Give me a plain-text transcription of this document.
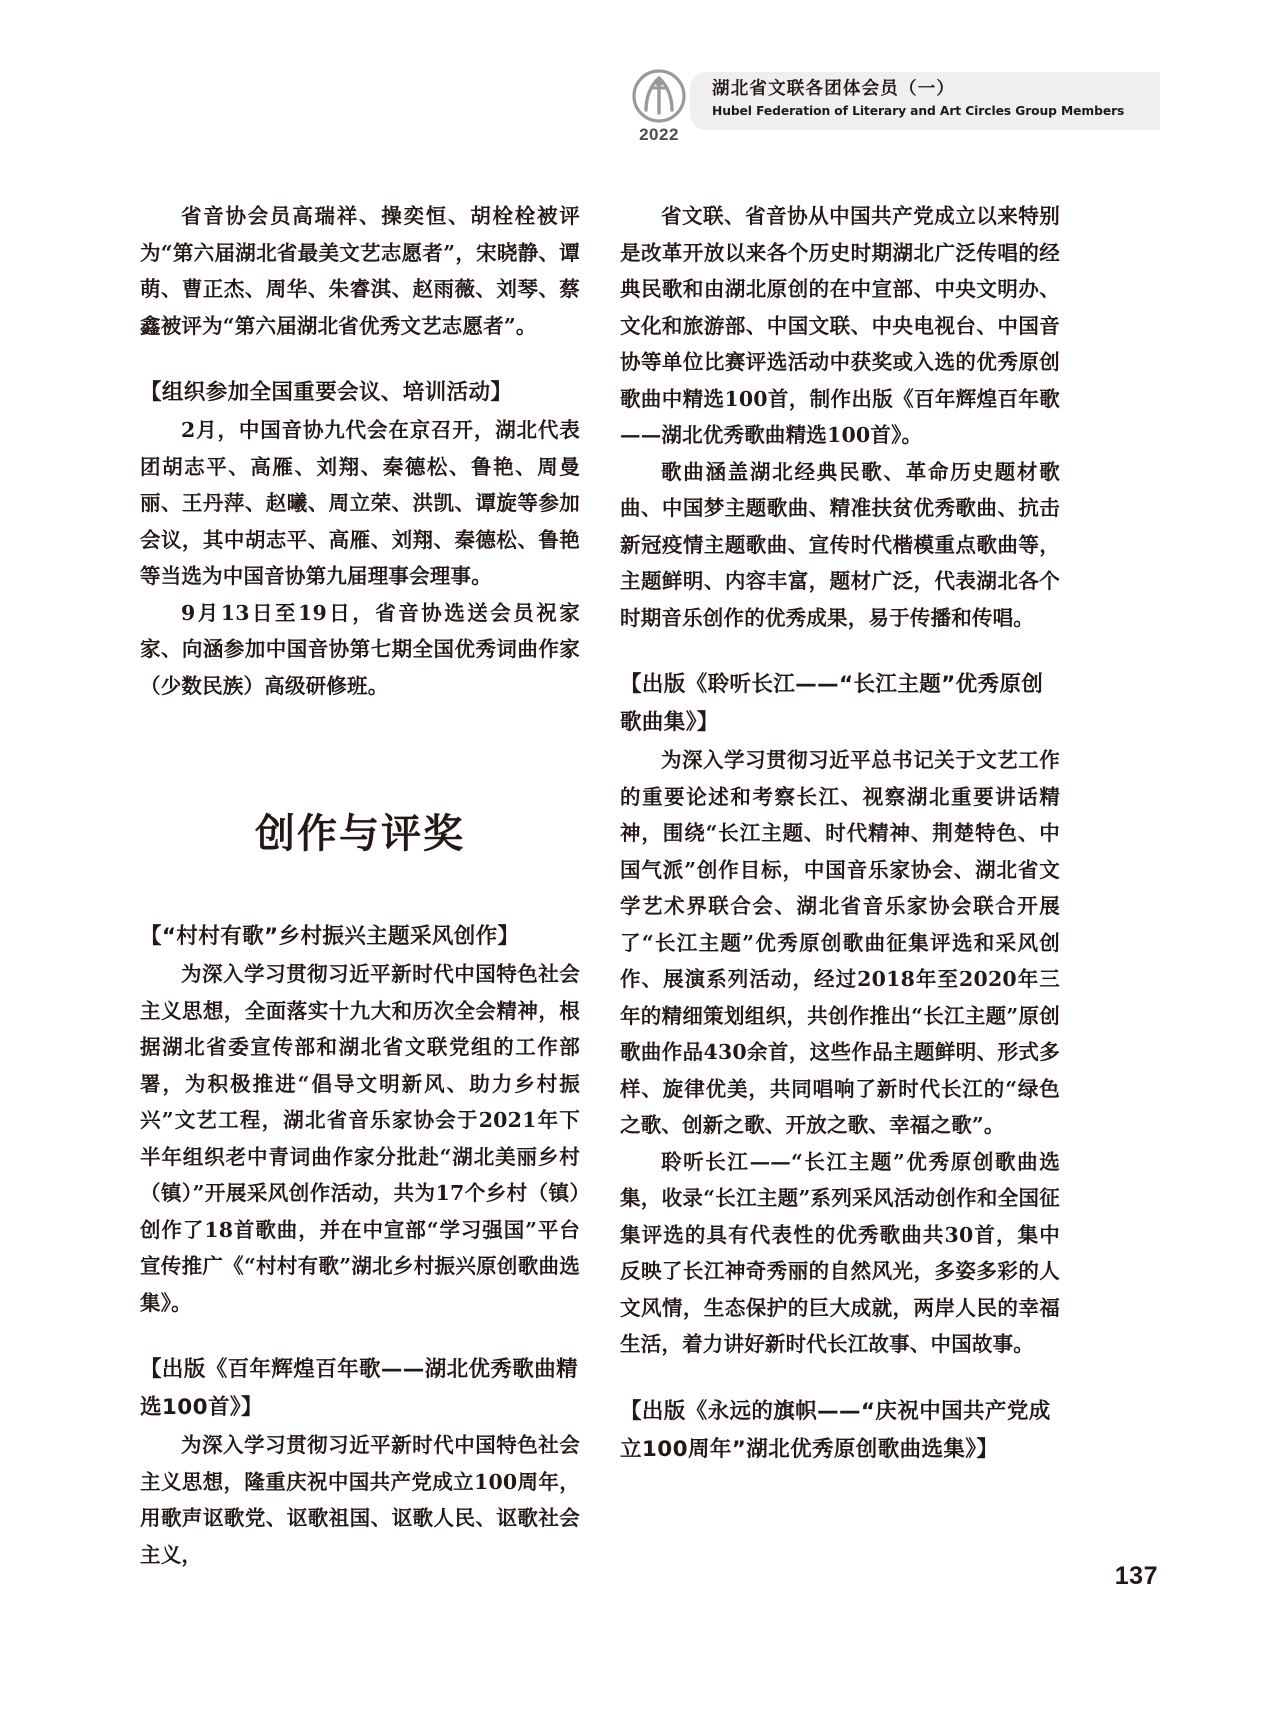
2022
湖北省文联各团体会员（一）
Hubel Federation of Literary and Art Circles Group Members

省音协会员高瑞祥、操奕恒、胡栓栓被评为“第六届湖北省最美文艺志愿者”，宋晓静、谭萌、曹正杰、周华、朱睿淇、赵雨薇、刘琴、蔡鑫被评为“第六届湖北省优秀文艺志愿者”。

【组织参加全国重要会议、培训活动】

2月，中国音协九代会在京召开，湖北代表团胡志平、高雁、刘翔、秦德松、鲁艳、周曼丽、王丹萍、赵曦、周立荣、洪凯、谭旋等参加会议，其中胡志平、高雁、刘翔、秦德松、鲁艳等当选为中国音协第九届理事会理事。

9月13日至19日，省音协选送会员祝家家、向涵参加中国音协第七期全国优秀词曲作家（少数民族）高级研修班。

创作与评奖
【“村村有歌”乡村振兴主题采风创作】

为深入学习贯彻习近平新时代中国特色社会主义思想，全面落实十九大和历次全会精神，根据湖北省委宣传部和湖北省文联党组的工作部署，为积极推进“倡导文明新风、助力乡村振兴”文艺工程，湖北省音乐家协会于2021年下半年组织老中青词曲作家分批赴“湖北美丽乡村（镇）”开展采风创作活动，共为17个乡村（镇）创作了18首歌曲，并在中宣部“学习强国”平台宣传推广《“村村有歌”湖北乡村振兴原创歌曲选集》。

【出版《百年辉煌百年歌——湖北优秀歌曲精选100首》】

为深入学习贯彻习近平新时代中国特色社会主义思想，隆重庆祝中国共产党成立100周年，用歌声讴歌党、讴歌祖国、讴歌人民、讴歌社会主义，

省文联、省音协从中国共产党成立以来特别是改革开放以来各个历史时期湖北广泛传唱的经典民歌和由湖北原创的在中宣部、中央文明办、文化和旅游部、中国文联、中央电视台、中国音协等单位比赛评选活动中获奖或入选的优秀原创歌曲中精选100首，制作出版《百年辉煌百年歌——湖北优秀歌曲精选100首》。

歌曲涵盖湖北经典民歌、革命历史题材歌曲、中国梦主题歌曲、精准扶贫优秀歌曲、抗击新冠疫情主题歌曲、宣传时代楷模重点歌曲等，主题鲜明、内容丰富，题材广泛，代表湖北各个时期音乐创作的优秀成果，易于传播和传唱。

【出版《聆听长江——“长江主题”优秀原创歌曲集》】

为深入学习贯彻习近平总书记关于文艺工作的重要论述和考察长江、视察湖北重要讲话精神，围绕“长江主题、时代精神、荆楚特色、中国气派”创作目标，中国音乐家协会、湖北省文学艺术界联合会、湖北省音乐家协会联合开展了“长江主题”优秀原创歌曲征集评选和采风创作、展演系列活动，经过2018年至2020年三年的精细策划组织，共创作推出“长江主题”原创歌曲作品430余首，这些作品主题鲜明、形式多样、旋律优美，共同唱响了新时代长江的“绿色之歌、创新之歌、开放之歌、幸福之歌”。

聆听长江——“长江主题”优秀原创歌曲选集，收录“长江主题”系列采风活动创作和全国征集评选的具有代表性的优秀歌曲共30首，集中反映了长江神奇秀丽的自然风光，多姿多彩的人文风情，生态保护的巨大成就，两岸人民的幸福生活，着力讲好新时代长江故事、中国故事。

【出版《永远的旗帜——“庆祝中国共产党成立100周年”湖北优秀原创歌曲选集》】
137
